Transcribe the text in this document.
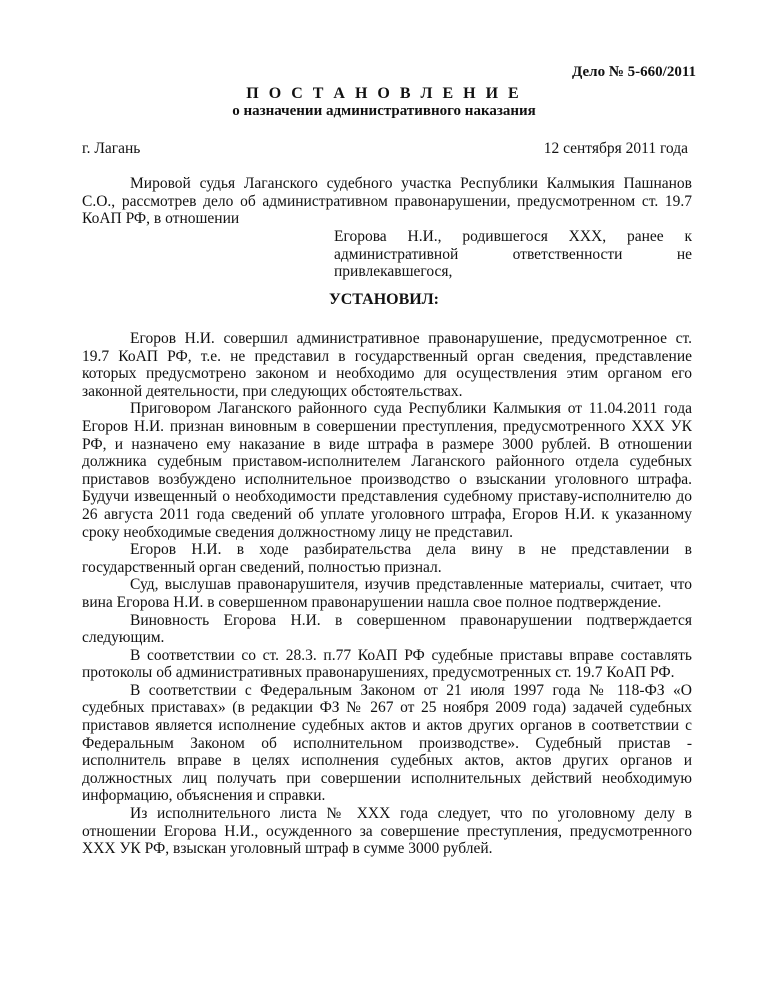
Дело № 5-660/2011
П О С Т А Н О В Л Е Н И Е
о назначении административного наказания
г. Лагань	12 сентября 2011 года
Мировой судья Лаганского судебного участка Республики Калмыкия Пашнанов С.О., рассмотрев дело об административном правонарушении, предусмотренном ст. 19.7 КоАП РФ, в отношении
Егорова Н.И., родившегося ХХХ, ранее к административной ответственности не привлекавшегося,
УСТАНОВИЛ:

Егоров Н.И. совершил административное правонарушение, предусмотренное ст. 19.7 КоАП РФ, т.е. не представил в государственный орган сведения, представление которых предусмотрено законом и необходимо для осуществления этим органом его законной деятельности, при следующих обстоятельствах.

Приговором Лаганского районного суда Республики Калмыкия от 11.04.2011 года Егоров Н.И. признан виновным в совершении преступления, предусмотренного ХХХ УК РФ, и назначено ему наказание в виде штрафа в размере 3000 рублей. В отношении должника судебным приставом-исполнителем Лаганского районного отдела судебных приставов возбуждено исполнительное производство о взыскании уголовного штрафа. Будучи извещенный о необходимости представления судебному приставу-исполнителю до 26 августа 2011 года сведений об уплате уголовного штрафа, Егоров Н.И. к указанному сроку необходимые сведения должностному лицу не представил.

Егоров Н.И. в ходе разбирательства дела вину в не представлении в государственный орган сведений, полностью признал.

Суд, выслушав правонарушителя, изучив представленные материалы, считает, что вина Егорова Н.И. в совершенном правонарушении нашла свое полное подтверждение.

Виновность Егорова Н.И. в совершенном правонарушении подтверждается следующим.

В соответствии со ст. 28.3. п.77 КоАП РФ судебные приставы вправе составлять протоколы об административных правонарушениях, предусмотренных ст. 19.7 КоАП РФ.

В соответствии с Федеральным Законом от 21 июля 1997 года № 118-ФЗ «О судебных приставах» (в редакции ФЗ № 267 от 25 ноября 2009 года) задачей судебных приставов является исполнение судебных актов и актов других органов в соответствии с Федеральным Законом об исполнительном производстве». Судебный пристав - исполнитель вправе в целях исполнения судебных актов, актов других органов и должностных лиц получать при совершении исполнительных действий необходимую информацию, объяснения и справки.

Из исполнительного листа № ХХХ года следует, что по уголовному делу в отношении Егорова Н.И., осужденного за совершение преступления, предусмотренного ХХХ УК РФ, взыскан уголовный штраф в сумме 3000 рублей.
